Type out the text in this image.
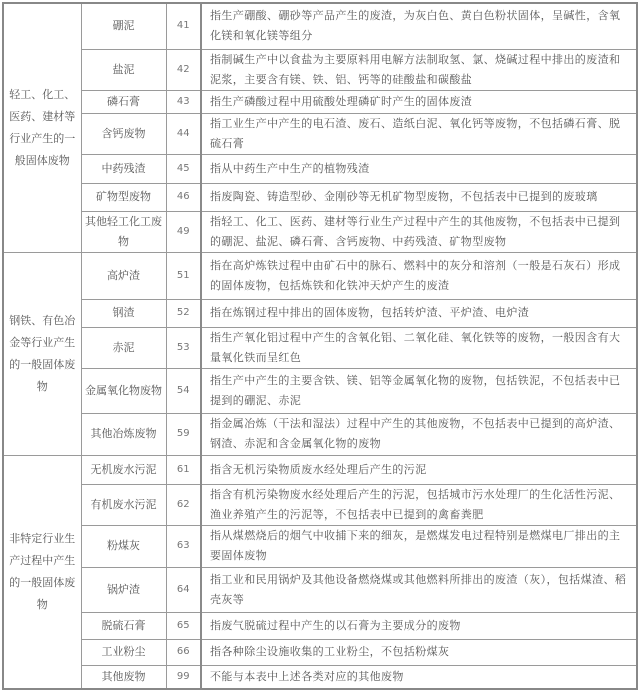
轻工、化工、医药、建材等行业产生的一般固体废物	硼泥	41	指生产硼酸、硼砂等产品产生的废渣，为灰白色、黄白色粉状固体，呈碱性，含氧化镁和氧化镁等组分
	盐泥	42	指制碱生产中以食盐为主要原料用电解方法制取氢、氯、烧碱过程中排出的废渣和泥浆，主要含有镁、铁、铝、钙等的硅酸盐和碳酸盐
	磷石膏	43	指生产磷酸过程中用硫酸处理磷矿时产生的固体废渣
	含钙废物	44	指工业生产中产生的电石渣、废石、造纸白泥、氧化钙等废物，不包括磷石膏、脱硫石膏
	中药残渣	45	指从中药生产中生产的植物残渣
	矿物型废物	46	指废陶瓷、铸造型砂、金刚砂等无机矿物型废物，不包括表中已提到的废玻璃
	其他轻工化工废物	49	指轻工、化工、医药、建材等行业生产过程中产生的其他废物，不包括表中已提到的硼泥、盐泥、磷石膏、含钙废物、中药残渣、矿物型废物
钢铁、有色冶金等行业产生的一般固体废物	高炉渣	51	指在高炉炼铁过程中由矿石中的脉石、燃料中的灰分和溶剂（一般是石灰石）形成的固体废物，包括炼铁和化铁冲天炉产生的废渣
	钢渣	52	指在炼钢过程中排出的固体废物，包括转炉渣、平炉渣、电炉渣
	赤泥	53	指生产氧化铝过程中产生的含氧化铝、二氧化硅、氧化铁等的废物，一般因含有大量氧化铁而呈红色
	金属氧化物废物	54	指生产中产生的主要含铁、镁、铝等金属氧化物的废物，包括铁泥，不包括表中已提到的硼泥、赤泥
	其他冶炼废物	59	指金属冶炼（干法和湿法）过程中产生的其他废物，不包括表中已提到的高炉渣、钢渣、赤泥和含金属氧化物的废物
非特定行业生产过程中产生的一般固体废物	无机废水污泥	61	指含无机污染物质废水经处理后产生的污泥
	有机废水污泥	62	指含有机污染物废水经处理后产生的污泥，包括城市污水处理厂的生化活性污泥、渔业养殖产生的污泥等，不包括表中已提到的禽畜粪肥
	粉煤灰	63	指从煤燃烧后的烟气中收捕下来的细灰，是燃煤发电过程特别是燃煤电厂排出的主要固体废物
	锅炉渣	64	指工业和民用锅炉及其他设备燃烧煤或其他燃料所排出的废渣（灰），包括煤渣、稻壳灰等
	脱硫石膏	65	指废气脱硫过程中产生的以石膏为主要成分的废物
	工业粉尘	66	指各种除尘设施收集的工业粉尘，不包括粉煤灰
	其他废物	99	不能与本表中上述各类对应的其他废物
